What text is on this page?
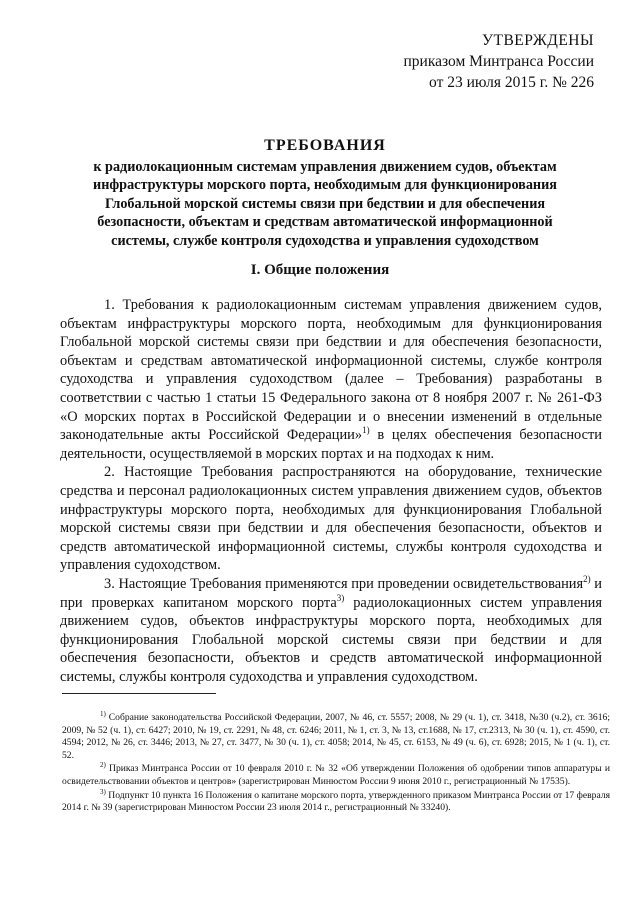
УТВЕРЖДЕНЫ
приказом Минтранса России
от 23 июля 2015 г. № 226
ТРЕБОВАНИЯ
к радиолокационным системам управления движением судов, объектам
инфраструктуры морского порта, необходимым для функционирования
Глобальной морской системы связи при бедствии и для обеспечения
безопасности, объектам и средствам автоматической информационной
системы, службе контроля судоходства и управления судоходством
I. Общие положения

1. Требования к радиолокационным системам управления движением судов, объектам инфраструктуры морского порта, необходимым для функционирования Глобальной морской системы связи при бедствии и для обеспечения безопасности, объектам и средствам автоматической информационной системы, службе контроля судоходства и управления судоходством (далее – Требования) разработаны в соответствии с частью 1 статьи 15 Федерального закона от 8 ноября 2007 г. № 261-ФЗ «О морских портах в Российской Федерации и о внесении изменений в отдельные законодательные акты Российской Федерации»$^{1)}$ в целях обеспечения безопасности деятельности, осуществляемой в морских портах и на подходах к ним.

2. Настоящие Требования распространяются на оборудование, технические средства и персонал радиолокационных систем управления движением судов, объектов инфраструктуры морского порта, необходимых для функционирования Глобальной морской системы связи при бедствии и для обеспечения безопасности, объектов и средств автоматической информационной системы, службы контроля судоходства и управления судоходством.

3. Настоящие Требования применяются при проведении освидетельствования$^{2)}$ и при проверках капитаном морского порта$^{3)}$ радиолокационных систем управления движением судов, объектов инфраструктуры морского порта, необходимых для функционирования Глобальной морской системы связи при бедствии и для обеспечения безопасности, объектов и средств автоматической информационной системы, службы контроля судоходства и управления судоходством.

$^{1)}$ Собрание законодательства Российской Федерации, 2007, № 46, ст. 5557; 2008, № 29 (ч. 1), ст. 3418, №30 (ч.2), ст. 3616; 2009, № 52 (ч. 1), ст. 6427; 2010, № 19, ст. 2291, № 48, ст. 6246; 2011, № 1, ст. 3, № 13, ст.1688, № 17, ст.2313, № 30 (ч. 1), ст. 4590, ст. 4594; 2012, № 26, ст. 3446; 2013, № 27, ст. 3477, № 30 (ч. 1), ст. 4058; 2014, № 45, ст. 6153, № 49 (ч. 6), ст. 6928; 2015, № 1 (ч. 1), ст. 52.

$^{2)}$ Приказ Минтранса России от 10 февраля 2010 г. № 32 «Об утверждении Положения об одобрении типов аппаратуры и освидетельствовании объектов и центров» (зарегистрирован Минюстом России 9 июня 2010 г., регистрационный № 17535).

$^{3)}$ Подпункт 10 пункта 16 Положения о капитане морского порта, утвержденного приказом Минтранса России от 17 февраля 2014 г. № 39 (зарегистрирован Минюстом России 23 июля 2014 г., регистрационный № 33240).
